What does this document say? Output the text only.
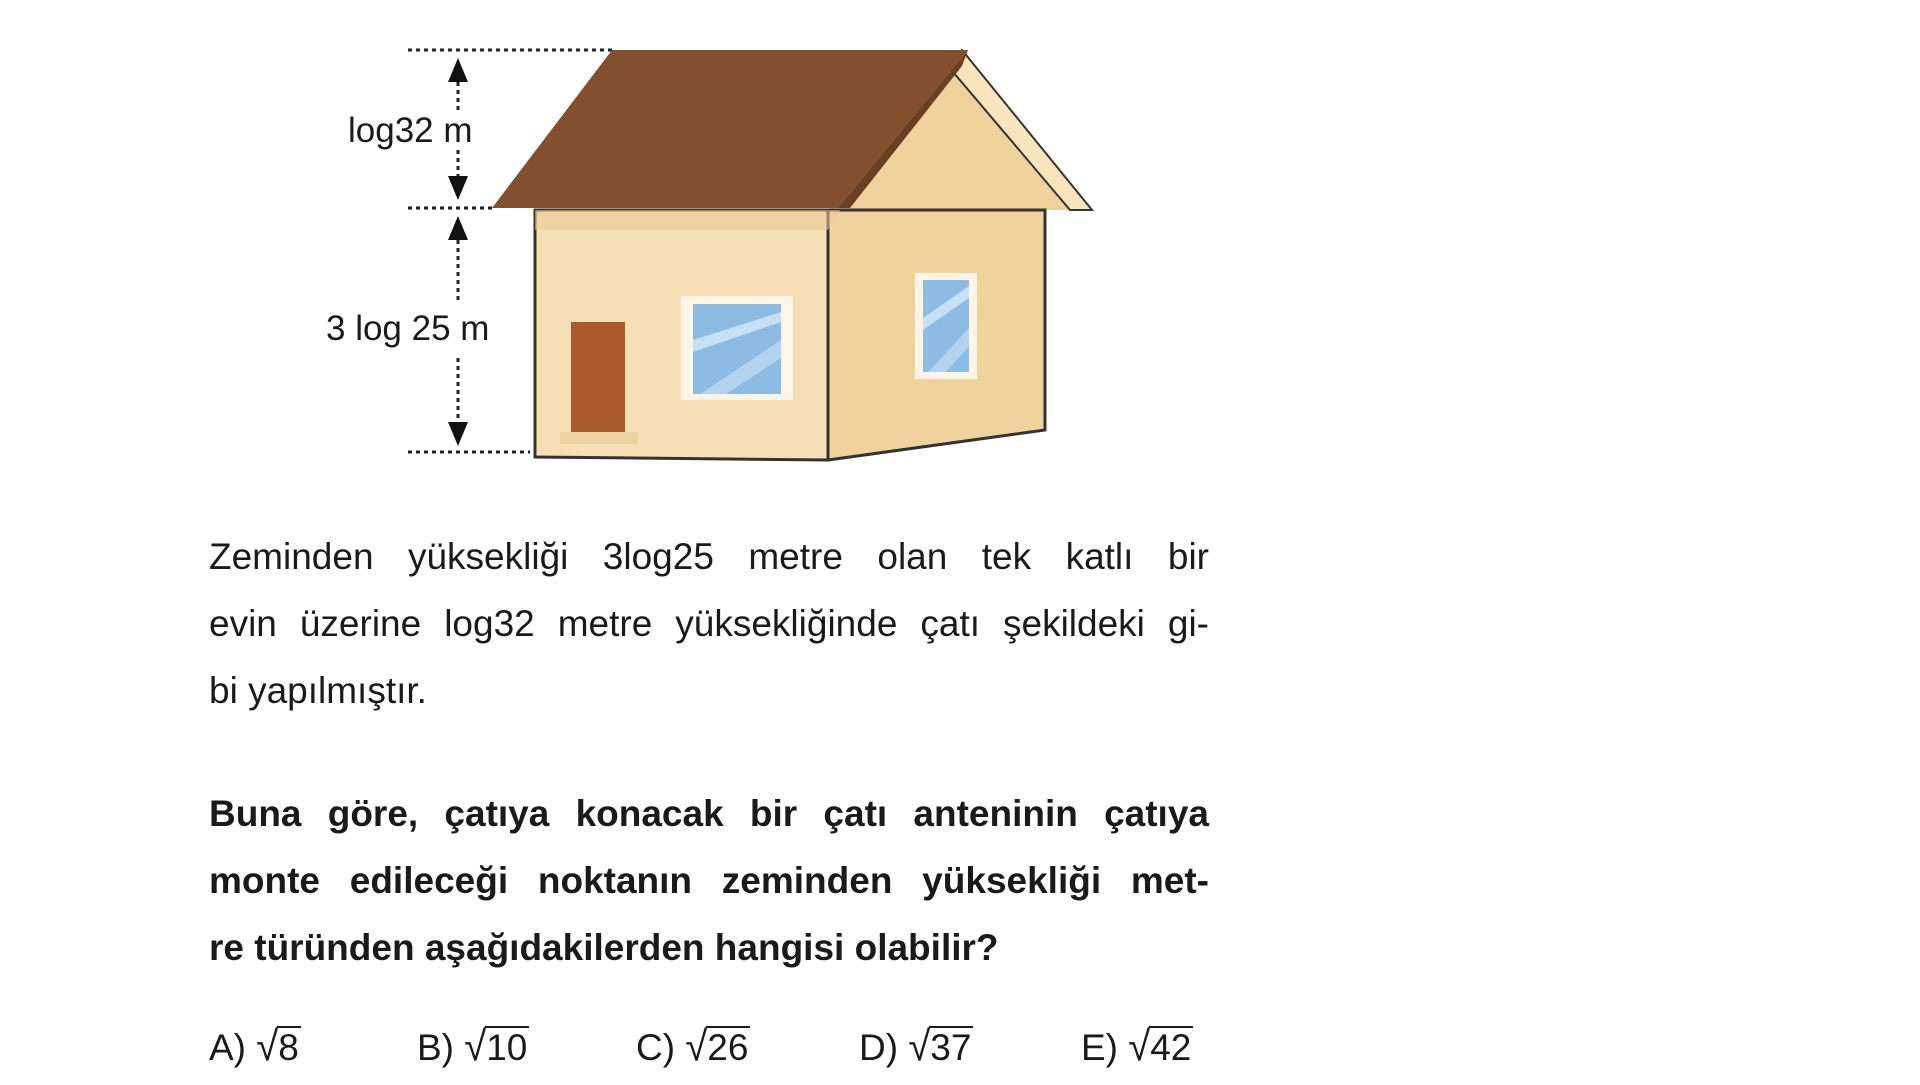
log32 m
3 log 25 m

Zeminden yüksekliği 3log25 metre olan tek katlı bir
evin üzerine log32 metre yüksekliğinde çatı şekildeki gi-
bi yapılmıştır.

Buna göre, çatıya konacak bir çatı anteninin çatıya
monte edileceği noktanın zeminden yüksekliği met-
re türünden aşağıdakilerden hangisi olabilir?

A) √8	B) √10	C) √26	D) √37	E) √42
